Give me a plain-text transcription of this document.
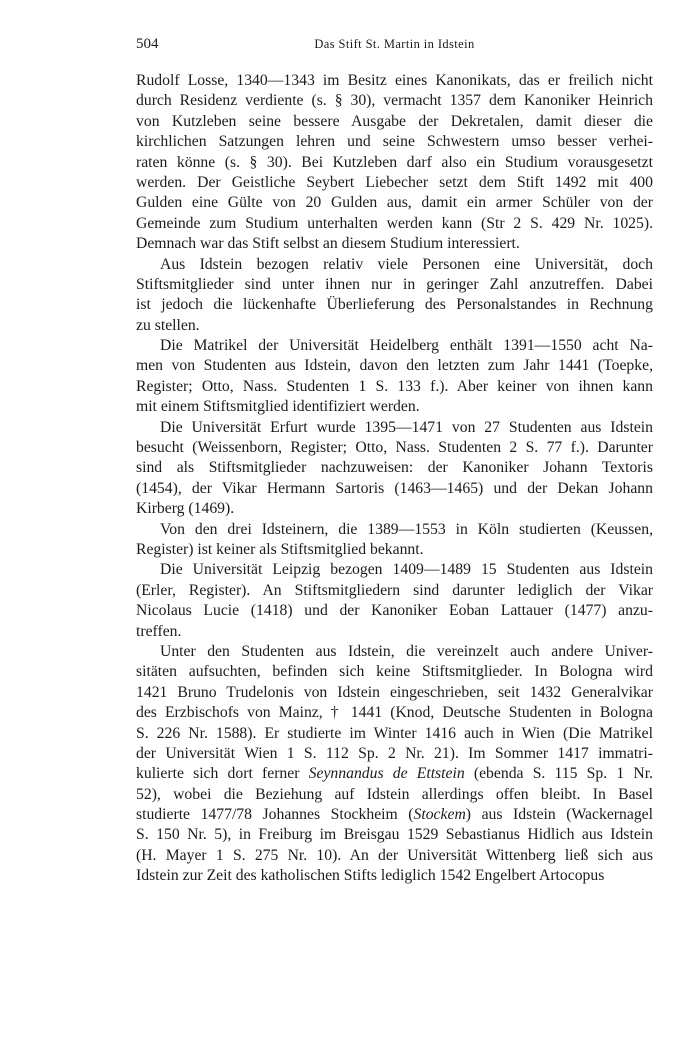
504	Das Stift St. Martin in Idstein
Rudolf Losse, 1340—1343 im Besitz eines Kanonikats, das er freilich nicht
durch Residenz verdiente (s. § 30), vermacht 1357 dem Kanoniker Heinrich
von Kutzleben seine bessere Ausgabe der Dekretalen, damit dieser die
kirchlichen Satzungen lehren und seine Schwestern umso besser verhei-
raten könne (s. § 30). Bei Kutzleben darf also ein Studium vorausgesetzt
werden. Der Geistliche Seybert Liebecher setzt dem Stift 1492 mit 400
Gulden eine Gülte von 20 Gulden aus, damit ein armer Schüler von der
Gemeinde zum Studium unterhalten werden kann (Str 2 S. 429 Nr. 1025).
Demnach war das Stift selbst an diesem Studium interessiert.
Aus Idstein bezogen relativ viele Personen eine Universität, doch
Stiftsmitglieder sind unter ihnen nur in geringer Zahl anzutreffen. Dabei
ist jedoch die lückenhafte Überlieferung des Personalstandes in Rechnung
zu stellen.
Die Matrikel der Universität Heidelberg enthält 1391—1550 acht Na-
men von Studenten aus Idstein, davon den letzten zum Jahr 1441 (Toepke,
Register; Otto, Nass. Studenten 1 S. 133 f.). Aber keiner von ihnen kann
mit einem Stiftsmitglied identifiziert werden.
Die Universität Erfurt wurde 1395—1471 von 27 Studenten aus Idstein
besucht (Weissenborn, Register; Otto, Nass. Studenten 2 S. 77 f.). Darunter
sind als Stiftsmitglieder nachzuweisen: der Kanoniker Johann Textoris
(1454), der Vikar Hermann Sartoris (1463—1465) und der Dekan Johann
Kirberg (1469).
Von den drei Idsteinern, die 1389—1553 in Köln studierten (Keussen,
Register) ist keiner als Stiftsmitglied bekannt.
Die Universität Leipzig bezogen 1409—1489 15 Studenten aus Idstein
(Erler, Register). An Stiftsmitgliedern sind darunter lediglich der Vikar
Nicolaus Lucie (1418) und der Kanoniker Eoban Lattauer (1477) anzu-
treffen.
Unter den Studenten aus Idstein, die vereinzelt auch andere Univer-
sitäten aufsuchten, befinden sich keine Stiftsmitglieder. In Bologna wird
1421 Bruno Trudelonis von Idstein eingeschrieben, seit 1432 Generalvikar
des Erzbischofs von Mainz, † 1441 (Knod, Deutsche Studenten in Bologna
S. 226 Nr. 1588). Er studierte im Winter 1416 auch in Wien (Die Matrikel
der Universität Wien 1 S. 112 Sp. 2 Nr. 21). Im Sommer 1417 immatri-
kulierte sich dort ferner Seynnandus de Ettstein (ebenda S. 115 Sp. 1 Nr.
52), wobei die Beziehung auf Idstein allerdings offen bleibt. In Basel
studierte 1477/78 Johannes Stockheim (Stockem) aus Idstein (Wackernagel
S. 150 Nr. 5), in Freiburg im Breisgau 1529 Sebastianus Hidlich aus Idstein
(H. Mayer 1 S. 275 Nr. 10). An der Universität Wittenberg ließ sich aus
Idstein zur Zeit des katholischen Stifts lediglich 1542 Engelbert Artocopus
